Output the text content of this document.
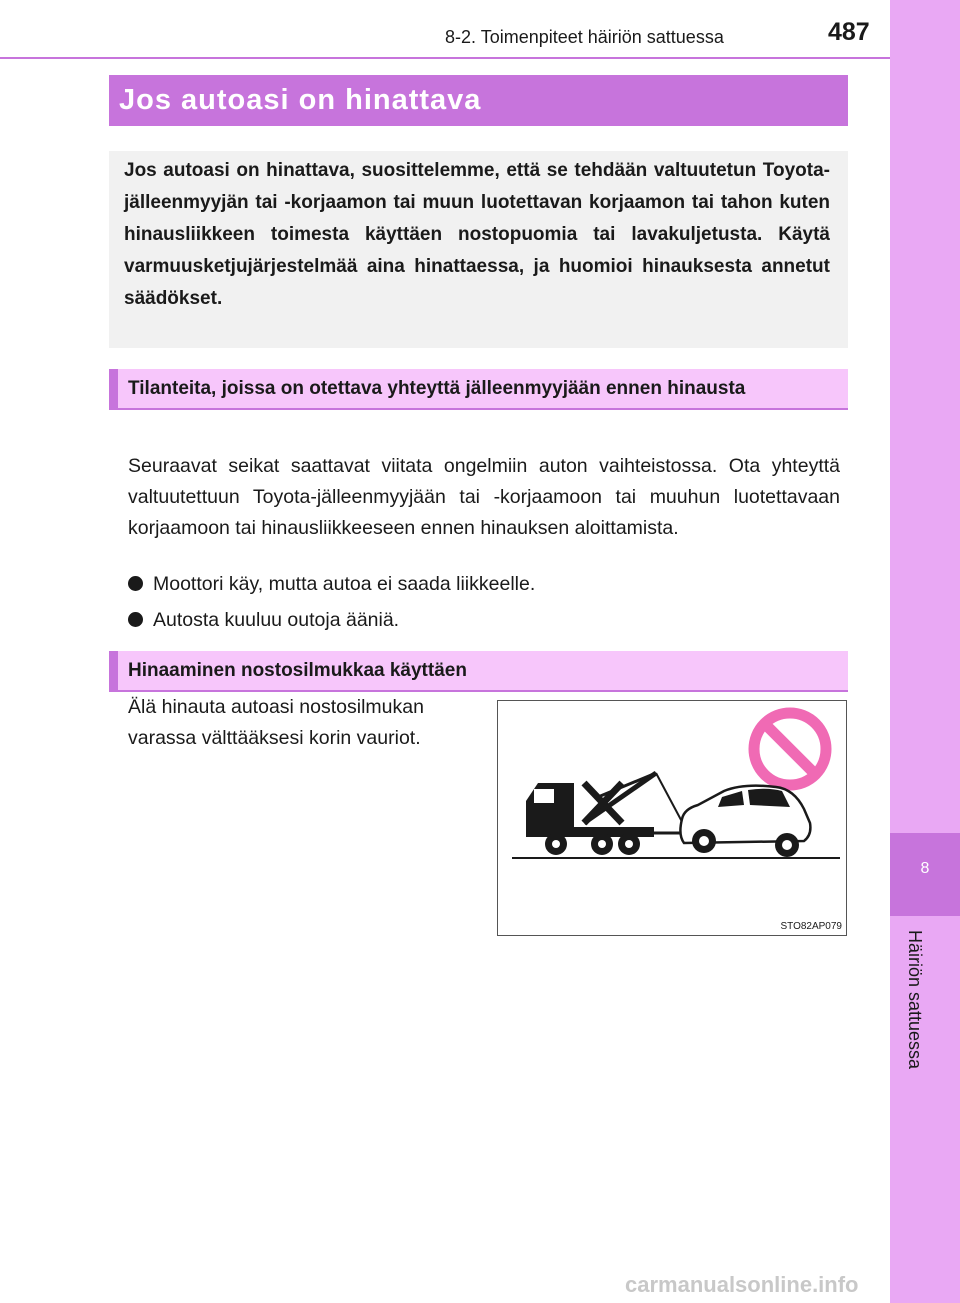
8
Häiriön sattuessa
8-2. Toimenpiteet häiriön sattuessa	487
Jos autoasi on hinattava

Jos autoasi on hinattava, suosittelemme, että se tehdään valtuutetun Toyota-jälleenmyyjän tai -korjaamon tai muun luotettavan korjaamon tai tahon kuten hinausliikkeen toimesta käyttäen nostopuomia tai lavakuljetusta. Käytä varmuusketjujärjestelmää aina hinattaessa, ja huomioi hinauksesta annetut säädökset.

Tilanteita, joissa on otettava yhteyttä jälleenmyyjään ennen hinausta

Seuraavat seikat saattavat viitata ongelmiin auton vaihteistossa. Ota yhteyttä valtuutettuun Toyota-jälleenmyyjään tai -korjaamoon tai muuhun luotettavaan korjaamoon tai hinausliikkeeseen ennen hinauksen aloittamista.

Moottori käy, mutta autoa ei saada liikkeelle.
Autosta kuuluu outoja ääniä.

Hinaaminen nostosilmukkaa käyttäen

Älä hinauta autoasi nostosilmukan
varassa välttääksesi korin vauriot.
STO82AP079
carmanualsonline.info
